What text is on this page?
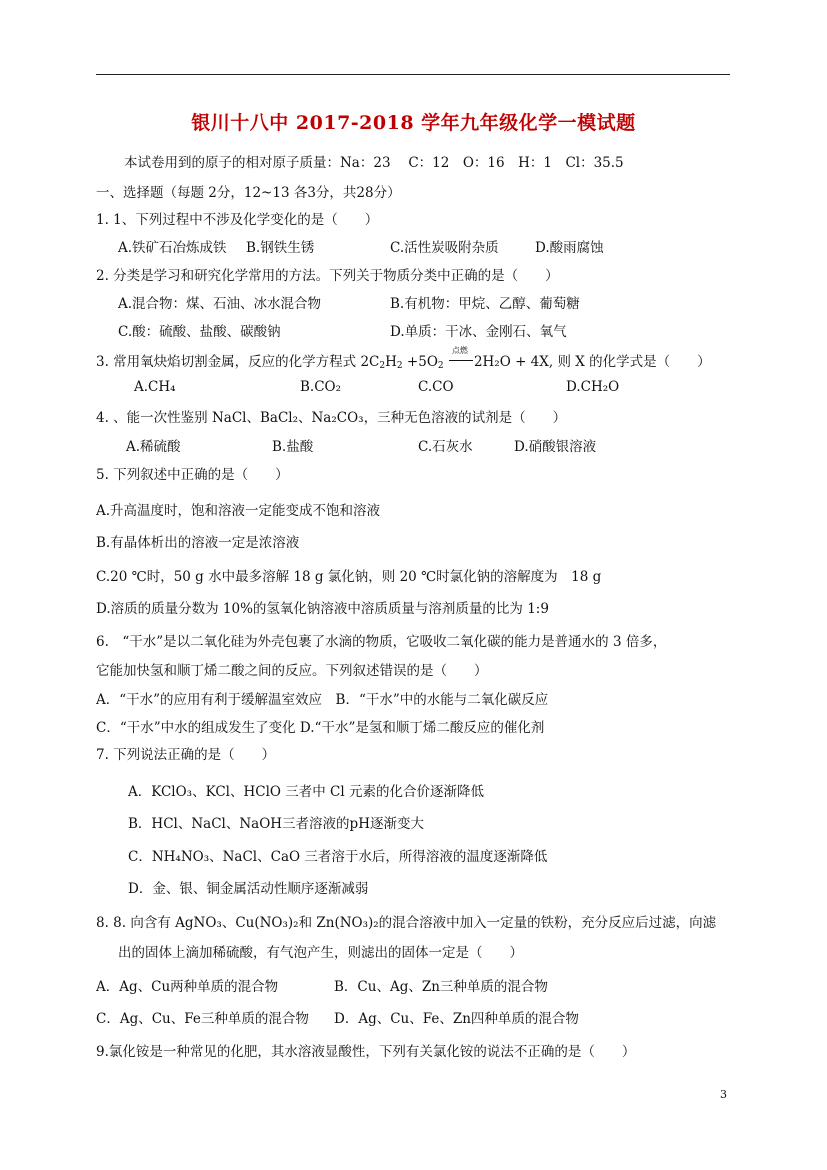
银川十八中 2017-2018 学年九年级化学一模试题
本试卷用到的原子的相对原子质量：Na：23　 C：12　O：16　H：1　Cl：35.5
一、选择题（每题 2分，12~13 各3分，共28分）
1. 1、下列过程中不涉及化学变化的是（　　）
A.铁矿石冶炼成铁 B.钢铁生锈	C.活性炭吸附杂质	D.酸雨腐蚀
2. 分类是学习和研究化学常用的方法。下列关于物质分类中正确的是（　　）
A.混合物：煤、石油、冰水混合物	B.有机物：甲烷、乙醇、葡萄糖
C.酸：硫酸、盐酸、碳酸钠	D.单质：干冰、金刚石、氧气
3. 常用氧炔焰切割金属，反应的化学方程式 $2C_2H_2 +5O_2$
点燃
2H₂O + 4X, 则 X 的化学式是（　　）
A.CH₄	B.CO₂	C.CO	D.CH₂O
4. 、能一次性鉴别 NaCl、BaCl₂、Na₂CO₃，三种无色溶液的试剂是（　　）
A.稀硫酸	B.盐酸	C.石灰水	D.硝酸银溶液
5. 下列叙述中正确的是（　　）
A.升高温度时，饱和溶液一定能变成不饱和溶液
B.有晶体析出的溶液一定是浓溶液
C.20 ℃时，50 g 水中最多溶解 18 g 氯化钠，则 20 ℃时氯化钠的溶解度为　18 g
D.溶质的质量分数为 10%的氢氧化钠溶液中溶质质量与溶剂质量的比为 1:9
6.　“干水”是以二氧化硅为外壳包裹了水滴的物质，它吸收二氧化碳的能力是普通水的 3 倍多，
它能加快氢和顺丁烯二酸之间的反应。下列叙述错误的是（　　）
A．“干水”的应用有利于缓解温室效应　B．“干水”中的水能与二氧化碳反应
C．“干水”中水的组成发生了变化 D.“干水”是氢和顺丁烯二酸反应的催化剂
7. 下列说法正确的是（　　）
A．KClO₃、KCl、HClO 三者中 Cl 元素的化合价逐渐降低
B．HCl、NaCl、NaOH三者溶液的pH逐渐变大
C．NH₄NO₃、NaCl、CaO 三者溶于水后，所得溶液的温度逐渐降低
D．金、银、铜金属活动性顺序逐渐减弱
8. 8. 向含有 AgNO₃、Cu(NO₃)₂和 Zn(NO₃)₂的混合溶液中加入一定量的铁粉，充分反应后过滤，向滤
出的固体上滴加稀硫酸，有气泡产生，则滤出的固体一定是（　　）
A．Ag、Cu两种单质的混合物	B．Cu、Ag、Zn三种单质的混合物
C．Ag、Cu、Fe三种单质的混合物 D．Ag、Cu、Fe、Zn四种单质的混合物
9.氯化铵是一种常见的化肥，其水溶液显酸性，下列有关氯化铵的说法不正确的是（　　）
3
